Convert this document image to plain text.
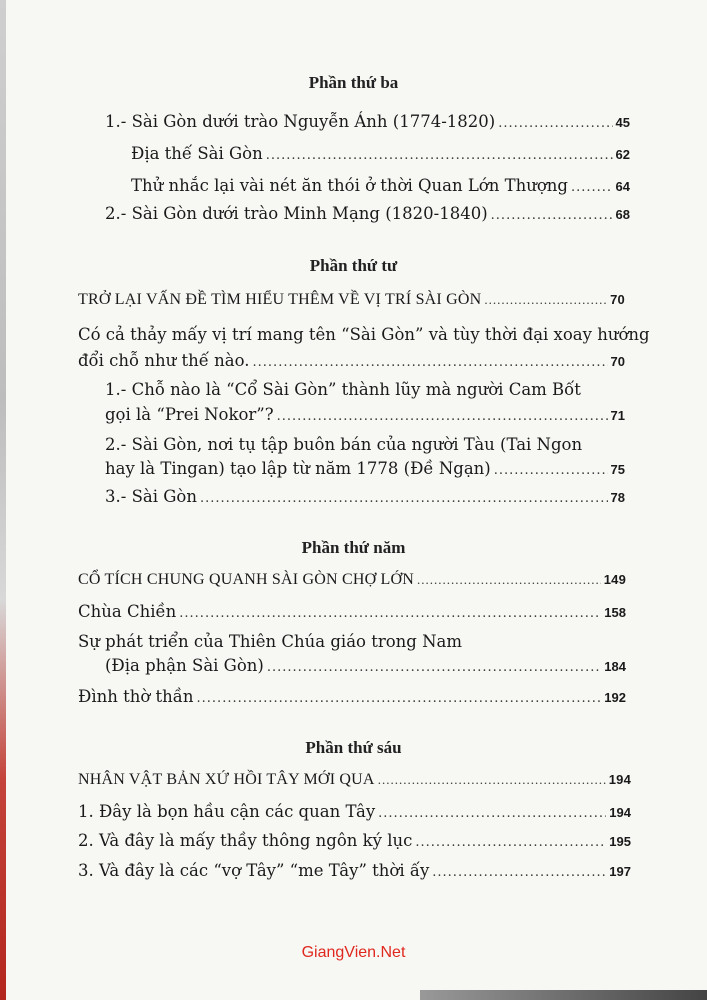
Phần thứ ba
1.- Sài Gòn dưới trào Nguyễn Ánh (1774-1820) .....	45
Địa thế Sài Gòn .....	62
Thử nhắc lại vài nét ăn thói ở thời Quan Lớn Thượng .....	64
2.- Sài Gòn dưới trào Minh Mạng (1820-1840) .....	68
Phần thứ tư
TRỞ LẠI VẤN ĐỀ TÌM HIỂU THÊM VỀ VỊ TRÍ SÀI GÒN .....	70
Có cả thảy mấy vị trí mang tên “Sài Gòn” và tùy thời đại xoay hướng
đổi chỗ như thế nào. .....	70
1.- Chỗ nào là “Cổ Sài Gòn” thành lũy mà người Cam Bốt
gọi là “Prei Nokor”? .....	71
2.- Sài Gòn, nơi tụ tập buôn bán của người Tàu (Tai Ngon
hay là Tingan) tạo lập từ năm 1778 (Đề Ngạn) .....	75
3.- Sài Gòn .....	78
Phần thứ năm
CỔ TÍCH CHUNG QUANH SÀI GÒN CHỢ LỚN .....	149
Chùa Chiền .....	158
Sự phát triển của Thiên Chúa giáo trong Nam
(Địa phận Sài Gòn) .....	184
Đình thờ thần .....	192
Phần thứ sáu
NHÂN VẬT BẢN XỨ HỒI TÂY MỚI QUA .....	194
1. Đây là bọn hầu cận các quan Tây .....	194
2. Và đây là mấy thầy thông ngôn ký lục .....	195
3. Và đây là các “vợ Tây” “me Tây” thời ấy .....	197
GiangVien.Net
